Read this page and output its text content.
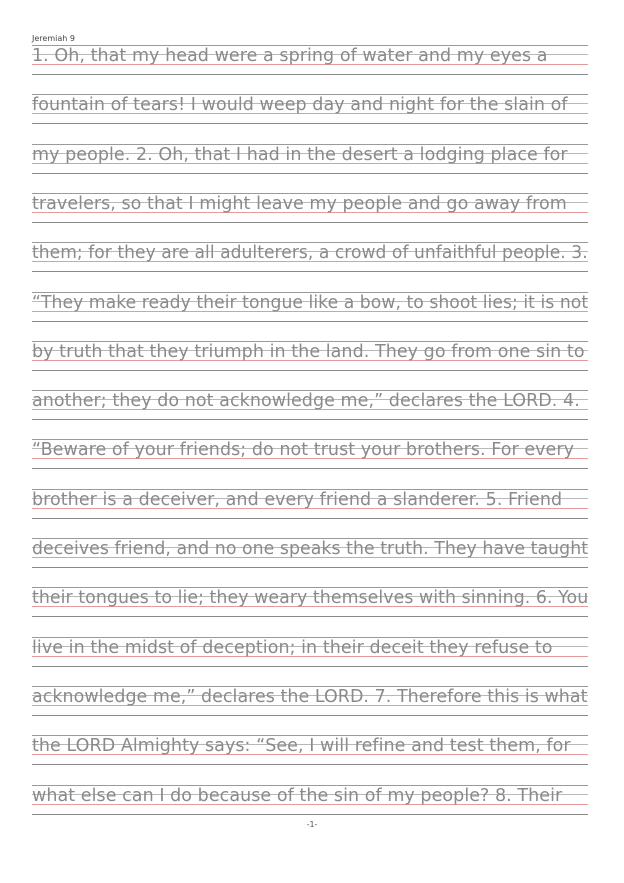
Jeremiah 9
1. Oh, that my head were a spring of water and my eyes a
fountain of tears! I would weep day and night for the slain of
my people. 2. Oh, that I had in the desert a lodging place for
travelers, so that I might leave my people and go away from
them; for they are all adulterers, a crowd of unfaithful people. 3.
“They make ready their tongue like a bow, to shoot lies; it is not
by truth that they triumph in the land. They go from one sin to
another; they do not acknowledge me,” declares the LORD. 4.
“Beware of your friends; do not trust your brothers. For every
brother is a deceiver, and every friend a slanderer. 5. Friend
deceives friend, and no one speaks the truth. They have taught
their tongues to lie; they weary themselves with sinning. 6. You
live in the midst of deception; in their deceit they refuse to
acknowledge me,” declares the LORD. 7. Therefore this is what
the LORD Almighty says: “See, I will refine and test them, for
what else can I do because of the sin of my people? 8. Their
-1-
